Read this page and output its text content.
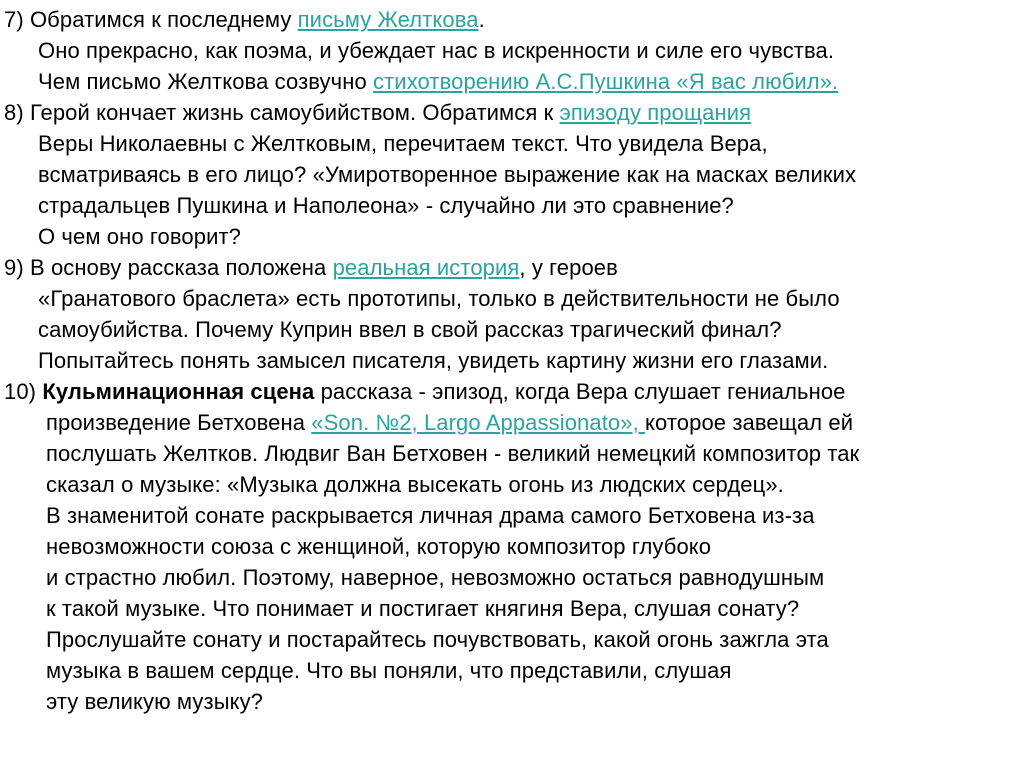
7) Обратимся к последнему письму Желткова.
Оно прекрасно, как поэма, и убеждает нас в искренности и силе его чувства.
Чем письмо Желткова созвучно стихотворению А.С.Пушкина «Я вас любил».
8) Герой кончает жизнь самоубийством. Обратимся к эпизоду прощания
Веры Николаевны с Желтковым, перечитаем текст. Что увидела Вера,
всматриваясь в его лицо? «Умиротворенное выражение как на масках великих
страдальцев Пушкина и Наполеона» - случайно ли это сравнение?
О чем оно говорит?
9) В основу рассказа положена реальная история, у героев
«Гранатового браслета» есть прототипы, только в действительности не было
самоубийства. Почему Куприн ввел в свой рассказ трагический финал?
Попытайтесь понять замысел писателя, увидеть картину жизни его глазами.
10) Кульминационная сцена рассказа - эпизод, когда Вера слушает гениальное
произведение Бетховена «Son. №2, Largo Appassionato», которое завещал ей
послушать Желтков. Людвиг Ван Бетховен - великий немецкий композитор так
сказал о музыке: «Музыка должна высекать огонь из людских сердец».
В знаменитой сонате раскрывается личная драма самого Бетховена из-за
невозможности союза с женщиной, которую композитор глубоко
и страстно любил. Поэтому, наверное, невозможно остаться равнодушным
к такой музыке. Что понимает и постигает княгиня Вера, слушая сонату?
Прослушайте сонату и постарайтесь почувствовать, какой огонь зажгла эта
музыка в вашем сердце. Что вы поняли, что представили, слушая
эту великую музыку?
